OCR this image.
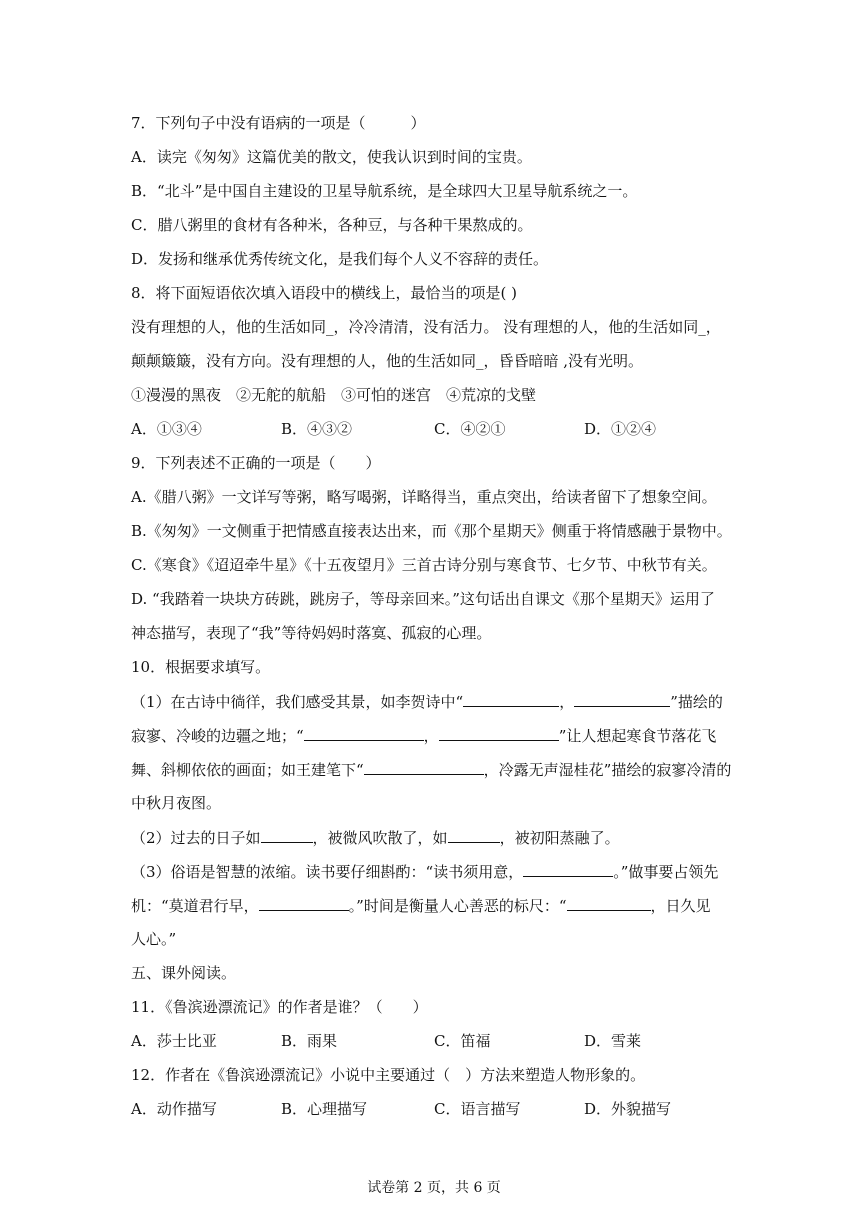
7．下列句子中没有语病的一项是（　　　）
A．读完《匆匆》这篇优美的散文，使我认识到时间的宝贵。
B．“北斗”是中国自主建设的卫星导航系统，是全球四大卫星导航系统之一。
C．腊八粥里的食材有各种米，各种豆，与各种干果熬成的。
D．发扬和继承优秀传统文化，是我们每个人义不容辞的责任。
8．将下面短语依次填入语段中的横线上，最恰当的项是( )
没有理想的人，他的生活如同_，冷冷清清，没有活力。 没有理想的人，他的生活如同_，
颠颠簸簸，没有方向。没有理想的人，他的生活如同_，昏昏暗暗 ,没有光明。
①漫漫的黑夜　②无舵的航船　③可怕的迷宫　④荒凉的戈壁
A．①③④	B．④③②	C．④②①	D．①②④
9．下列表述不正确的一项是（　　）
A.《腊八粥》一文详写等粥，略写喝粥，详略得当，重点突出，给读者留下了想象空间。
B.《匆匆》一文侧重于把情感直接表达出来，而《那个星期天》侧重于将情感融于景物中。
C.《寒食》《迢迢牵牛星》《十五夜望月》三首古诗分别与寒食节、七夕节、中秋节有关。
D. “我踏着一块块方砖跳，跳房子，等母亲回来。”这句话出自课文《那个星期天》运用了
神态描写，表现了“我”等待妈妈时落寞、孤寂的心理。
10．根据要求填写。
（1）在古诗中徜徉，我们感受其景，如李贺诗中“	，	”描绘的
寂寥、冷峻的边疆之地；“	，	”让人想起寒食节落花飞
舞、斜柳依依的画面；如王建笔下“	，冷露无声湿桂花”描绘的寂寥冷清的
中秋月夜图。
（2）过去的日子如	，被微风吹散了，如	，被初阳蒸融了。
（3）俗语是智慧的浓缩。读书要仔细斟酌：“读书须用意，	。”做事要占领先
机：“莫道君行早，	。”时间是衡量人心善恶的标尺：“	，日久见
人心。”
五、课外阅读。
11．《鲁滨逊漂流记》的作者是谁？（　　）
A．莎士比亚	B．雨果	C．笛福	D．雪莱
12．作者在《鲁滨逊漂流记》小说中主要通过（　）方法来塑造人物形象的。
A．动作描写	B．心理描写	C．语言描写	D．外貌描写
试卷第 2 页，共 6 页
